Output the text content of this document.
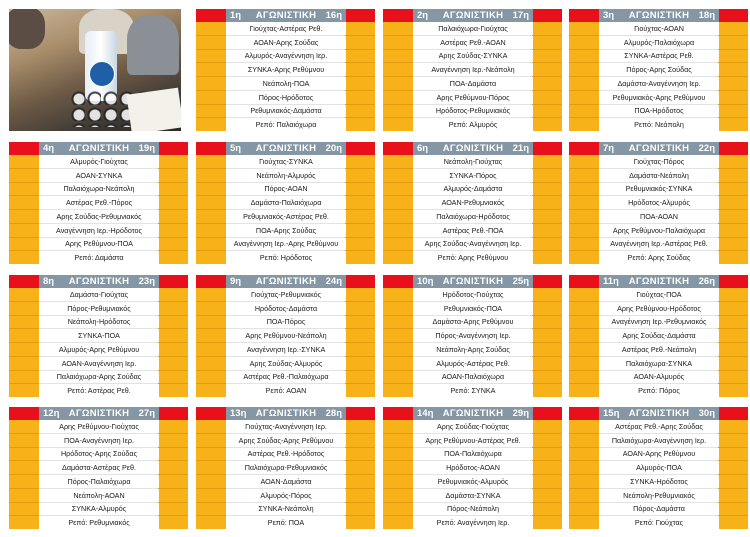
1η	ΑΓΩΝΙΣΤΙΚΗ 16η
Γιούχτας-Αστέρας Ρεθ.
ΑΟΑΝ-Αρης Σούδας
Αλμυρός-Αναγέννηση Ιερ.
ΣΥΝΚΑ-Αρης Ρεθύμνου
Νεάπολη-ΠΟΑ
Πόρος-Ηρόδοτος
Ρεθυμνιακός-Δαμάστα
Ρεπό: Παλαιόχωρα
2η	ΑΓΩΝΙΣΤΙΚΗ 17η
Παλαιόχωρα-Γιούχτας
Αστέρας Ρεθ.-ΑΟΑΝ
Αρης Σούδας-ΣΥΝΚΑ
Αναγέννηση Ιερ.-Νεάπολη
ΠΟΑ-Δαμάστα
Αρης Ρεθύμνου-Πόρος
Ηρόδοτος-Ρεθυμνιακός
Ρεπό: Αλμυρός
3η	ΑΓΩΝΙΣΤΙΚΗ 18η
Γιούχτας-ΑΟΑΝ
Αλμυρός-Παλαιόχωρα
ΣΥΝΚΑ-Αστέρας Ρεθ.
Πόρος-Αρης Σούδας
Δαμάστα-Αναγέννηση Ιερ.
Ρεθυμνιακός-Αρης Ρεθύμνου
ΠΟΑ-Ηρόδοτος
Ρεπό: Νεάπολη
4η	ΑΓΩΝΙΣΤΙΚΗ 19η
Αλμυρός-Γιούχτας
ΑΟΑΝ-ΣΥΝΚΑ
Παλαιόχωρα-Νεάπολη
Αστέρας Ρεθ.-Πόρος
Αρης Σούδας-Ρεθυμνιακός
Αναγέννηση Ιερ.-Ηρόδοτος
Αρης Ρεθύμνου-ΠΟΑ
Ρεπό: Δαμάστα
5η	ΑΓΩΝΙΣΤΙΚΗ 20η
Γιούχτας-ΣΥΝΚΑ
Νεάπολη-Αλμυρός
Πόρος-ΑΟΑΝ
Δαμάστα-Παλαιόχωρα
Ρεθυμνιακός-Αστέρας Ρεθ.
ΠΟΑ-Αρης Σούδας
Αναγέννηση Ιερ.-Αρης Ρεθύμνου
Ρεπό: Ηρόδοτος
6η	ΑΓΩΝΙΣΤΙΚΗ 21η
Νεάπολη-Γιούχτας
ΣΥΝΚΑ-Πόρος
Αλμυρός-Δαμάστα
ΑΟΑΝ-Ρεθυμνιακός
Παλαιόχωρα-Ηρόδοτος
Αστέρας Ρεθ.-ΠΟΑ
Αρης Σούδας-Αναγέννηση Ιερ.
Ρεπό: Αρης Ρεθύμνου
7η	ΑΓΩΝΙΣΤΙΚΗ 22η
Γιούχτας-Πόρος
Δαμάστα-Νεάπολη
Ρεθυμνιακός-ΣΥΝΚΑ
Ηρόδοτος-Αλμυρός
ΠΟΑ-ΑΟΑΝ
Αρης Ρεθύμνου-Παλαιόχωρα
Αναγέννηση Ιερ.-Αστέρας Ρεθ.
Ρεπό: Αρης Σούδας
8η	ΑΓΩΝΙΣΤΙΚΗ 23η
Δαμάστα-Γιούχτας
Πόρος-Ρεθυμνιακός
Νεάπολη-Ηρόδοτος
ΣΥΝΚΑ-ΠΟΑ
Αλμυρός-Αρης Ρεθύμνου
ΑΟΑΝ-Αναγέννηση Ιερ.
Παλαιόχωρα-Αρης Σούδας
Ρεπό: Αστέρας Ρεθ.
9η	ΑΓΩΝΙΣΤΙΚΗ 24η
Γιούχτας-Ρεθυμνιακός
Ηρόδοτος-Δαμάστα
ΠΟΑ-Πόρος
Αρης Ρεθύμνου-Νεάπολη
Αναγέννηση Ιερ.-ΣΥΝΚΑ
Αρης Σούδας-Αλμυρός
Αστέρας Ρεθ.-Παλαιόχωρα
Ρεπό: ΑΟΑΝ
10η ΑΓΩΝΙΣΤΙΚΗ 25η
Ηρόδοτος-Γιούχτας
Ρεθυμνιακός-ΠΟΑ
Δαμάστα-Αρης Ρεθύμνου
Πόρος-Αναγέννηση Ιερ.
Νεάπολη-Αρης Σούδας
Αλμυρός-Αστέρας Ρεθ.
ΑΟΑΝ-Παλαιόχωρα
Ρεπό: ΣΥΝΚΑ
11η	ΑΓΩΝΙΣΤΙΚΗ 26η
Γιούχτας-ΠΟΑ
Αρης Ρεθύμνου-Ηρόδοτος
Αναγέννηση Ιερ.-Ρεθυμνιακός
Αρης Σούδας-Δαμάστα
Αστέρας Ρεθ.-Νεάπολη
Παλαιόχωρα-ΣΥΝΚΑ
ΑΟΑΝ-Αλμυρός
Ρεπό: Πόρος
12η ΑΓΩΝΙΣΤΙΚΗ 27η
Αρης Ρεθύμνου-Γιούχτας
ΠΟΑ-Αναγέννηση Ιερ.
Ηρόδοτος-Αρης Σούδας
Δαμάστα-Αστέρας Ρεθ.
Πόρος-Παλαιόχωρα
Νεάπολη-ΑΟΑΝ
ΣΥΝΚΑ-Αλμυρός
Ρεπό: Ρεθυμνιακός
13η ΑΓΩΝΙΣΤΙΚΗ 28η
Γιούχτας-Αναγέννηση Ιερ.
Αρης Σούδας-Αρης Ρεθύμνου
Αστέρας Ρεθ.-Ηρόδοτος
Παλαιόχωρα-Ρεθυμνιακός
ΑΟΑΝ-Δαμάστα
Αλμυρός-Πόρος
ΣΥΝΚΑ-Νεάπολη
Ρεπό: ΠΟΑ
14η ΑΓΩΝΙΣΤΙΚΗ 29η
Αρης Σούδας-Γιούχτας
Αρης Ρεθύμνου-Αστέρας Ρεθ.
ΠΟΑ-Παλαιόχωρα
Ηρόδοτος-ΑΟΑΝ
Ρεθυμνιακός-Αλμυρός
Δαμάστα-ΣΥΝΚΑ
Πόρος-Νεάπολη
Ρεπό: Αναγέννηση Ιερ.
15η ΑΓΩΝΙΣΤΙΚΗ 30η
Αστέρας Ρεθ.-Αρης Σούδας
Παλαιόχωρα-Αναγέννηση Ιερ.
ΑΟΑΝ-Αρης Ρεθύμνου
Αλμυρός-ΠΟΑ
ΣΥΝΚΑ-Ηρόδοτος
Νεάπολη-Ρεθυμνιακός
Πόρος-Δαμάστα
Ρεπό: Γιούχτας
